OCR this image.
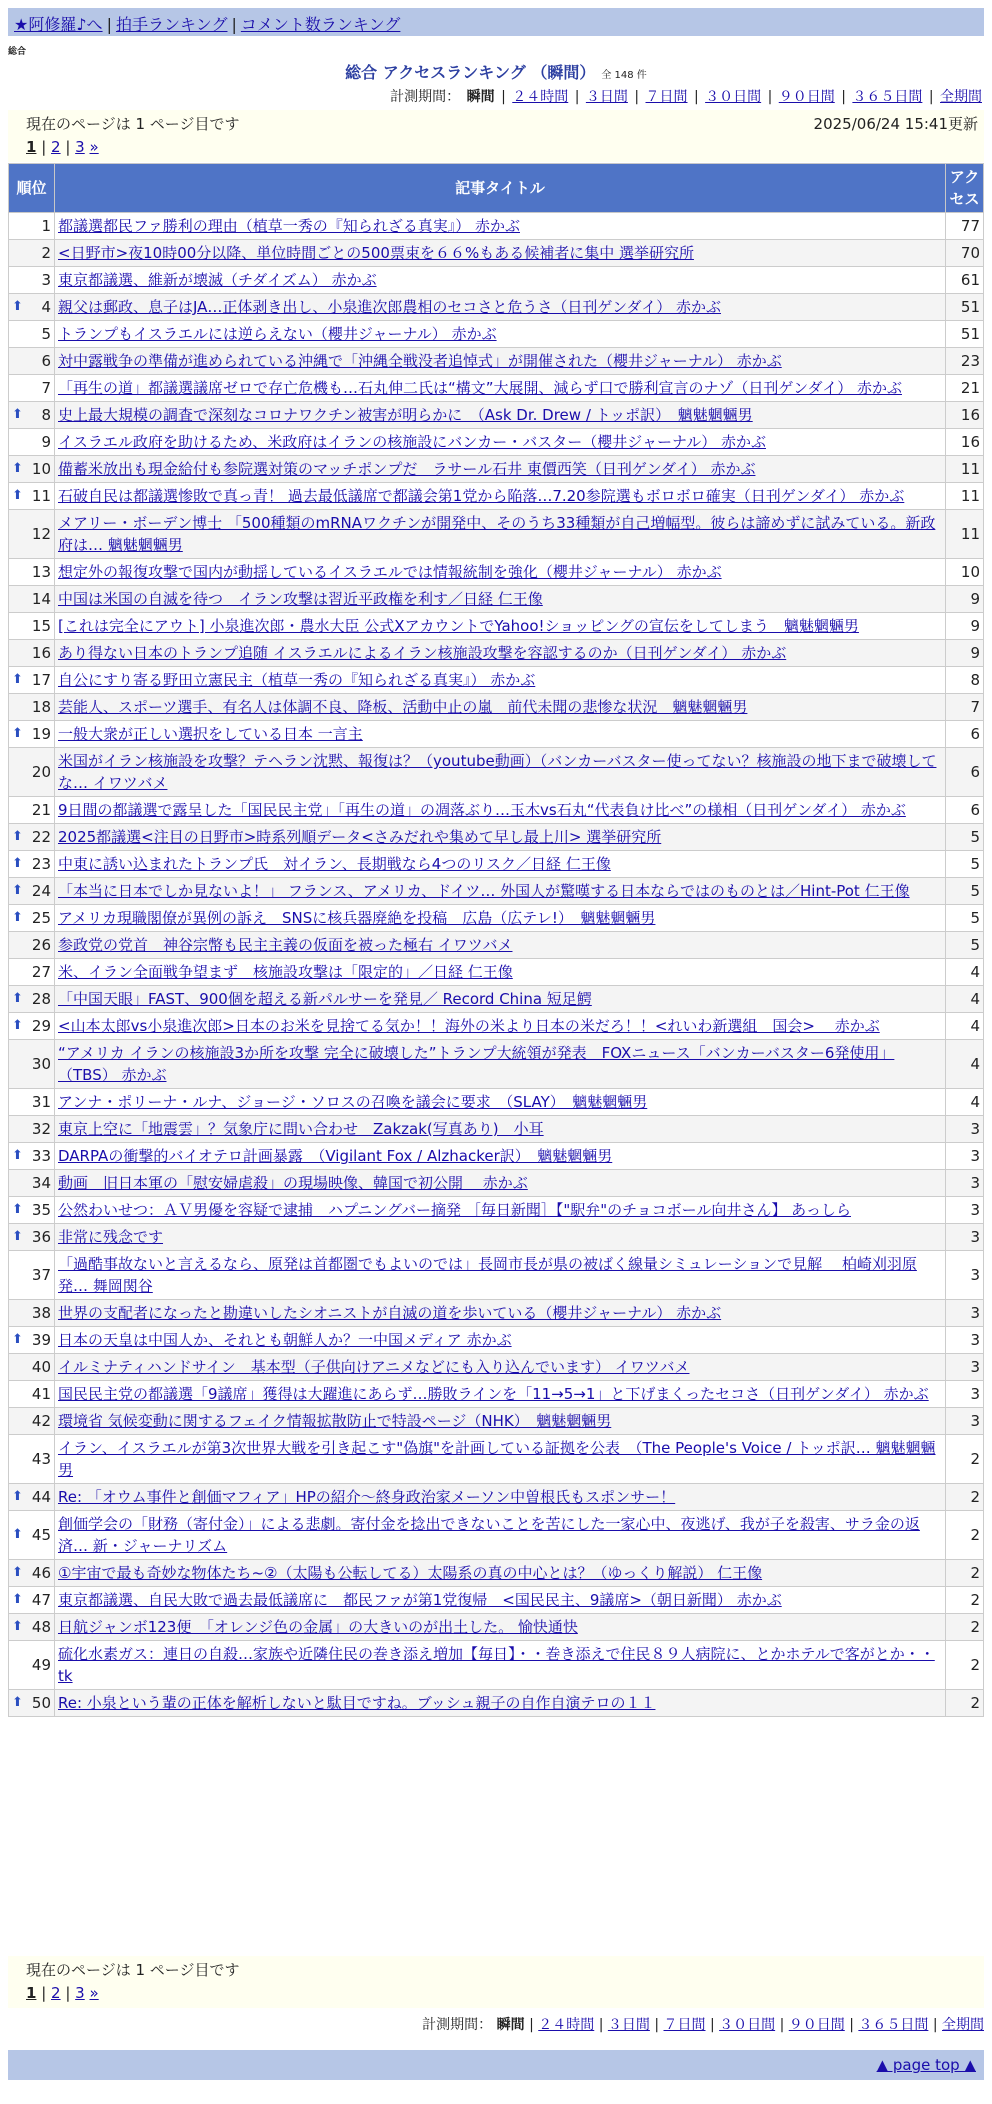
★阿修羅♪へ | 拍手ランキング | コメント数ランキング
総合
総合 アクセスランキング （瞬間） 全 148 件
計測期間： 瞬間 | ２４時間 | ３日間 | ７日間 | ３０日間 | ９０日間 | ３６５日間 | 全期間
現在のページは 1 ページ目です	2025/06/24 15:41更新
1 | 2 | 3 »
順位	記事タイトル	アクセス
1	都議選都民ファ勝利の理由（植草一秀の『知られざる真実』） 赤かぶ	77
2	<日野市>夜10時00分以降、単位時間ごとの500票束を６６%もある候補者に集中 選挙研究所	70
3	東京都議選、維新が壊滅（チダイズム） 赤かぶ	61

⬆ 4	親父は郵政、息子はJA…正体剥き出し、小泉進次郎農相のセコさと危うさ（日刊ゲンダイ） 赤かぶ	51
5	トランプもイスラエルには逆らえない（櫻井ジャーナル） 赤かぶ	51
6	対中露戦争の準備が進められている沖縄で「沖縄全戦没者追悼式」が開催された（櫻井ジャーナル） 赤かぶ	23
7	「再生の道」都議選議席ゼロで存亡危機も…石丸伸二氏は“構文”大展開、減らず口で勝利宣言のナゾ（日刊ゲンダイ） 赤かぶ	21

⬆ 8	史上最大規模の調査で深刻なコロナワクチン被害が明らかに　（Ask Dr. Drew / トッポ訳）　魑魅魍魎男	16
9	イスラエル政府を助けるため、米政府はイランの核施設にバンカー・バスター（櫻井ジャーナル） 赤かぶ	16

⬆ 10	備蓄米放出も現金給付も参院選対策のマッチポンプだ　ラサール石井 東價西笑（日刊ゲンダイ） 赤かぶ	11

⬆ 11	石破自民は都議選惨敗で真っ青！ 過去最低議席で都議会第1党から陥落…7.20参院選もボロボロ確実（日刊ゲンダイ） 赤かぶ	11
12	メアリー・ボーデン博士 「500種類のmRNAワクチンが開発中、そのうち33種類が自己増幅型。彼らは諦めずに試みている。新政府は… 魑魅魍魎男	11
13	想定外の報復攻撃で国内が動揺しているイスラエルでは情報統制を強化（櫻井ジャーナル） 赤かぶ	10
14	中国は米国の自滅を待つ　イラン攻撃は習近平政権を利す／日経 仁王像	9
15	[これは完全にアウト] 小泉進次郎・農水大臣 公式XアカウントでYahoo!ショッピングの宣伝をしてしまう　魑魅魍魎男	9
16	あり得ない日本のトランプ追随 イスラエルによるイラン核施設攻撃を容認するのか（日刊ゲンダイ） 赤かぶ	9

⬆ 17	自公にすり寄る野田立憲民主（植草一秀の『知られざる真実』） 赤かぶ	8
18	芸能人、スポーツ選手、有名人は体調不良、降板、活動中止の嵐　前代未聞の悲惨な状況　魑魅魍魎男	7

⬆ 19	一般大衆が正しい選択をしている日本 一言主	6
20	米国がイラン核施設を攻撃？テヘラン沈黙、報復は？（youtube動画）（バンカーバスター使ってない？核施設の地下まで破壊してな… イワツバメ	6
21	9日間の都議選で露呈した「国民民主党」「再生の道」の凋落ぶり…玉木vs石丸“代表負け比べ”の様相（日刊ゲンダイ） 赤かぶ	6

⬆ 22	2025都議選<注目の日野市>時系列順データ<さみだれや集めて早し最上川> 選挙研究所	5

⬆ 23	中東に誘い込まれたトランプ氏　対イラン、長期戦なら4つのリスク／日経 仁王像	5

⬆ 24	「本当に日本でしか見ないよ！」 フランス、アメリカ、ドイツ… 外国人が驚嘆する日本ならではのものとは／Hint-Pot 仁王像	5

⬆ 25	アメリカ現職閣僚が異例の訴え　SNSに核兵器廃絶を投稿　広島（広テレ!）　魑魅魍魎男	5
26	参政党の党首　神谷宗幣も民主主義の仮面を被った極右 イワツバメ	5
27	米、イラン全面戦争望まず　核施設攻撃は「限定的」／日経 仁王像	4

⬆ 28	「中国天眼」FAST、900個を超える新パルサーを発見／ Record China 短足鰐	4

⬆ 29	<山本太郎vs小泉進次郎>日本のお米を見捨てる気か！！海外の米より日本の米だろ！！<れいわ新選組　国会>　 赤かぶ	4
30	“アメリカ イランの核施設3か所を攻撃 完全に破壊した”トランプ大統領が発表　FOXニュース「バンカーバスター6発使用」（TBS） 赤かぶ	4
31	アンナ・ポリーナ・ルナ、ジョージ・ソロスの召喚を議会に要求　（SLAY）　魑魅魍魎男	4
32	東京上空に「地震雲」？気象庁に問い合わせ　Zakzak(写真あり)　小耳	3

⬆ 33	DARPAの衝撃的バイオテロ計画暴露　（Vigilant Fox / Alzhacker訳）　魑魅魍魎男	3
34	動画　旧日本軍の「慰安婦虐殺」の現場映像、韓国で初公開　 赤かぶ	3

⬆ 35	公然わいせつ：ＡＶ男優を容疑で逮捕　ハプニングバー摘発 ［毎日新聞］【"駅弁"のチョコボール向井さん】 あっしら	3

⬆ 36	非常に残念です	3
37	「過酷事故ないと言えるなら、原発は首都圏でもよいのでは」長岡市長が県の被ばく線量シミュレーションで見解　 柏崎刈羽原発… 舞岡関谷	3
38	世界の支配者になったと勘違いしたシオニストが自滅の道を歩いている（櫻井ジャーナル） 赤かぶ	3

⬆ 39	日本の天皇は中国人か、それとも朝鮮人か？一中国メディア 赤かぶ	3
40	イルミナティハンドサイン　基本型（子供向けアニメなどにも入り込んでいます） イワツバメ	3
41	国民民主党の都議選「9議席」獲得は大躍進にあらず…勝敗ラインを「11→5→1」と下げまくったセコさ（日刊ゲンダイ） 赤かぶ	3
42	環境省 気候変動に関するフェイク情報拡散防止で特設ページ（NHK）　魑魅魍魎男	3
43	イラン、イスラエルが第3次世界大戦を引き起こす"偽旗"を計画している証拠を公表　（The People's Voice / トッポ訳… 魑魅魍魎男	2

⬆ 44	Re: 「オウム事件と創価マフィア」HPの紹介～終身政治家メーソン中曽根氏もスポンサー！	2

⬆ 45	創価学会の「財務（寄付金）」による悲劇。寄付金を捻出できないことを苦にした一家心中、夜逃げ、我が子を殺害、サラ金の返済… 新・ジャーナリズム	2

⬆ 46	①宇宙で最も奇妙な物体たち~②（太陽も公転してる）太陽系の真の中心とは？（ゆっくり解説） 仁王像	2

⬆ 47	東京都議選、自民大敗で過去最低議席に　都民ファが第1党復帰　<国民民主、9議席>（朝日新聞） 赤かぶ	2

⬆ 48	日航ジャンボ123便　「オレンジ色の金属」の大きいのが出土した。 愉快通快	2
49	硫化水素ガス：連日の自殺…家族や近隣住民の巻き添え増加【毎日】・・巻き添えで住民８９人病院に、とかホテルで客がとか・・ tk	2

⬆ 50	Re: 小泉という輩の正体を解析しないと駄目ですね。ブッシュ親子の自作自演テロの１１	2
現在のページは 1 ページ目です
1 | 2 | 3 »
計測期間： 瞬間 | ２４時間 | ３日間 | ７日間 | ３０日間 | ９０日間 | ３６５日間 | 全期間
▲ page top ▲
